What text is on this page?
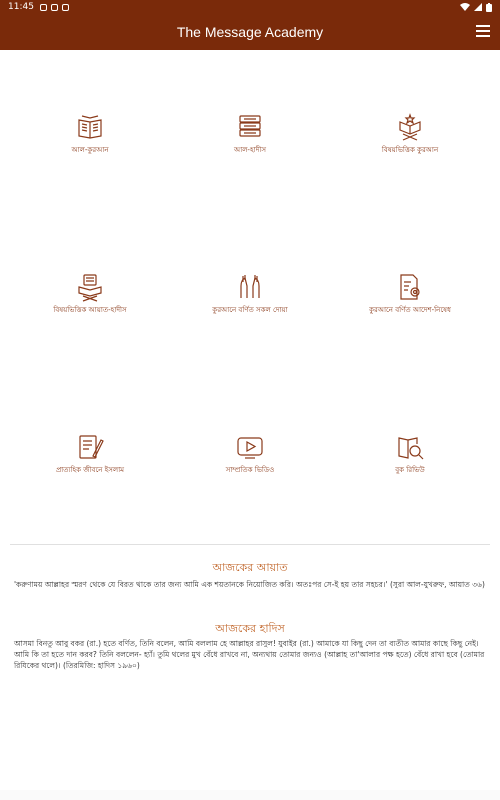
11:45
The Message Academy
আল-কুরআন	আল-হাদীস	বিষয়ভিত্তিক কুরআন
বিষয়ভিত্তিক আয়াত-হাদীস	কুরআনে বর্ণিত সকল দোয়া	কুরআনে বর্ণিত আদেশ-নিষেধ
প্রাত্যহিক জীবনে ইসলাম	সাম্প্রতিক ভিডিও	বুক রিভিউ
আজকের আয়াত
'করুণাময় আল্লাহর স্মরণ থেকে যে বিরত থাকে তার জন্য আমি এক শয়তানকে নিয়োজিত করি। অতঃপর সে-ই হয় তার সহচর।' (সুরা আল-যুখরুফ, আয়াত ৩৬)
আজকের হাদিস
আসমা বিনতু আবু বকর (রা.) হতে বর্ণিত, তিনি বলেন, আমি বললাম হে আল্লাহর রাসুল! যুবাইর (রা.) আমাকে যা কিছু দেন তা ব্যতীত আমার কাছে কিছু নেই। আমি কি তা হতে দান করব? তিনি বললেন- হ্যাঁ। তুমি থলের মুখ বেঁধে রাখবে না, অন্যথায় তোমার জন্যও (আল্লাহ তা'আলার পক্ষ হতে) বেঁধে রাখা হবে (তোমার রিযিকের থলে)। (তিরমিজি: হাদিস ১৯৬০)
